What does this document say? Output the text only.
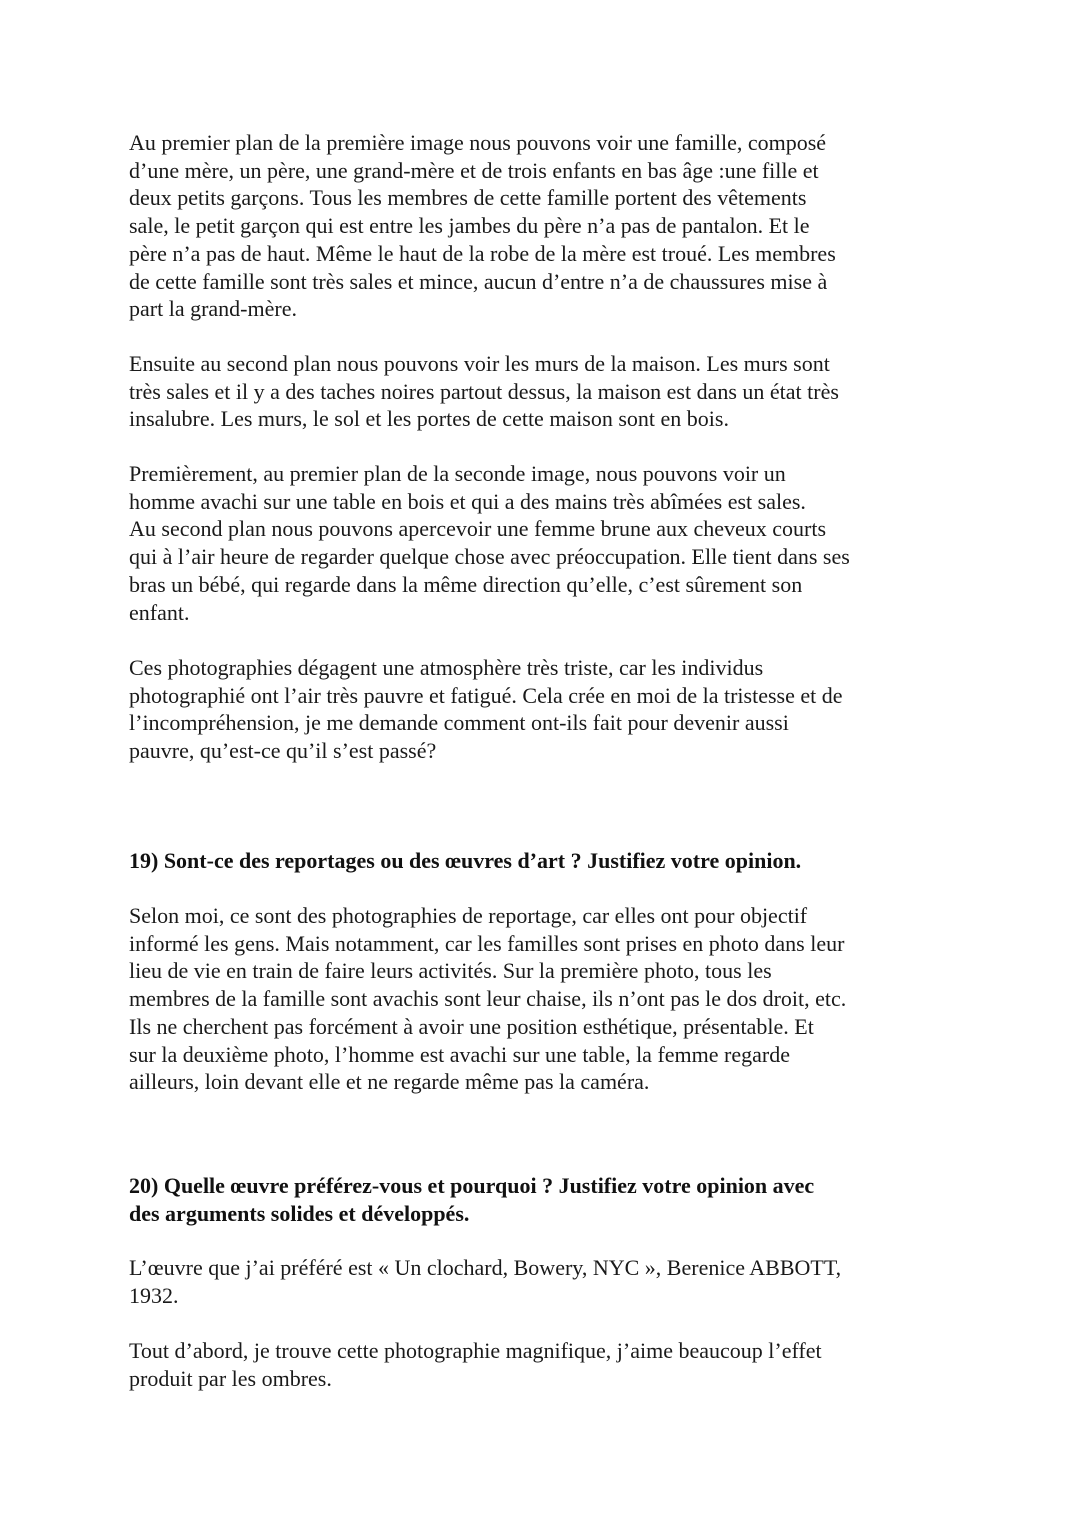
Au premier plan de la première image nous pouvons voir une famille, composé
d’une mère, un père, une grand-mère et de trois enfants en bas âge :une fille et
deux petits garçons. Tous les membres de cette famille portent des vêtements
sale, le petit garçon qui est entre les jambes du père n’a pas de pantalon. Et le
père n’a pas de haut. Même le haut de la robe de la mère est troué. Les membres
de cette famille sont très sales et mince, aucun d’entre n’a de chaussures mise à
part la grand-mère.
Ensuite au second plan nous pouvons voir les murs de la maison. Les murs sont
très sales et il y a des taches noires partout dessus, la maison est dans un état très
insalubre. Les murs, le sol et les portes de cette maison sont en bois.
Premièrement, au premier plan de la seconde image, nous pouvons voir un
homme avachi sur une table en bois et qui a des mains très abîmées est sales.
Au second plan nous pouvons apercevoir une femme brune aux cheveux courts
qui à l’air heure de regarder quelque chose avec préoccupation. Elle tient dans ses
bras un bébé, qui regarde dans la même direction qu’elle, c’est sûrement son
enfant.
Ces photographies dégagent une atmosphère très triste, car les individus
photographié ont l’air très pauvre et fatigué. Cela crée en moi de la tristesse et de
l’incompréhension, je me demande comment ont-ils fait pour devenir aussi
pauvre, qu’est-ce qu’il s’est passé?
19) Sont-ce des reportages ou des œuvres d’art ? Justifiez votre opinion.
Selon moi, ce sont des photographies de reportage, car elles ont pour objectif
informé les gens. Mais notamment, car les familles sont prises en photo dans leur
lieu de vie en train de faire leurs activités. Sur la première photo, tous les
membres de la famille sont avachis sont leur chaise, ils n’ont pas le dos droit, etc.
Ils ne cherchent pas forcément à avoir une position esthétique, présentable. Et
sur la deuxième photo, l’homme est avachi sur une table, la femme regarde
ailleurs, loin devant elle et ne regarde même pas la caméra.
20) Quelle œuvre préférez-vous et pourquoi ? Justifiez votre opinion avec
des arguments solides et développés.
L’œuvre que j’ai préféré est « Un clochard, Bowery, NYC », Berenice ABBOTT,
1932.
Tout d’abord, je trouve cette photographie magnifique, j’aime beaucoup l’effet
produit par les ombres.
